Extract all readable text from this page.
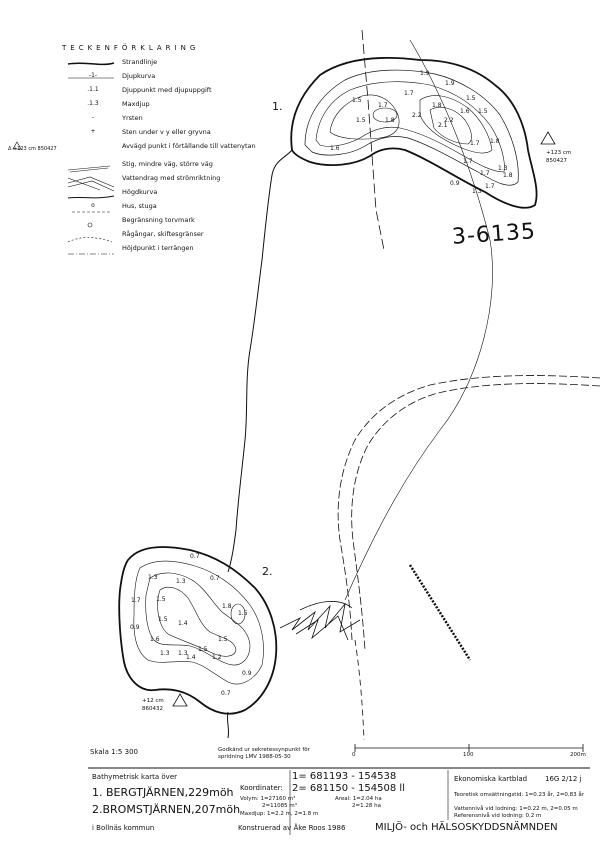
TECKENFÖRKLARING
Strandlinje
-1-	Djupkurva
.1.1	Djuppunkt med djupuppgift
.1.3	Maxdjup
-	Yrsten
+	Sten under v y eller gryvna
Δ +123 cm 850427	Avvägd punkt i förtällande till vattenytan
Stig, mindre väg, större väg
Vattendrag med strömriktning
Högdkurva
o	Hus, stuga
Begränsning torvmark
Rågångar, skiftesgränser
Höjdpunkt i terrängen
1.
2.
1.7
1.5
1.7
1.5	1.8
2.2
1.8
2.1
1.5
1.6
2.2
1.5
1.8
1.7
1.7
1.7
1.3
1.3
1.7
1.8
0.9
1.9
1.9
1.6
0.7
1.3	0.7
1.5
1.3
1.8
1.7
1.5
1.4
1.5
1.6
1.3
0.9
1.3
1.5
1.5
0.9
0.7
1.2
1.4
+123 cm
850427
+12 cm
860432
3-6135
Skala 1:5 300	0	100	200m
Godkänd ur sekretessynpunkt för
spridning LMV 1988-05-30
Bathymetrisk karta över
1. BERGTJÄRNEN,229möh
2.BROMSTJÄRNEN,207möh
i Bollnäs kommun
Koordinater:
1= 681193 - 154538
2= 681150 - 154508 ll
Volym: 1=27160 m³
2=11085 m³
Areal: 1=2.04 ha
2=1.28 ha
Maxdjup: 1=2.2 m, 2=1.8 m
Konstruerad av Åke Roos 1986
Ekonomiska kartblad	16G 2/12 j
Teoretisk omsättningstid: 1=0.23 år, 2=0.83 år
Vattennivå vid lodning: 1=0.22 m, 2=0.05 m
Referensnivå vid lodning: 0.2 m
MILJÖ- och HÄLSOSKYDDSNÄMNDEN
